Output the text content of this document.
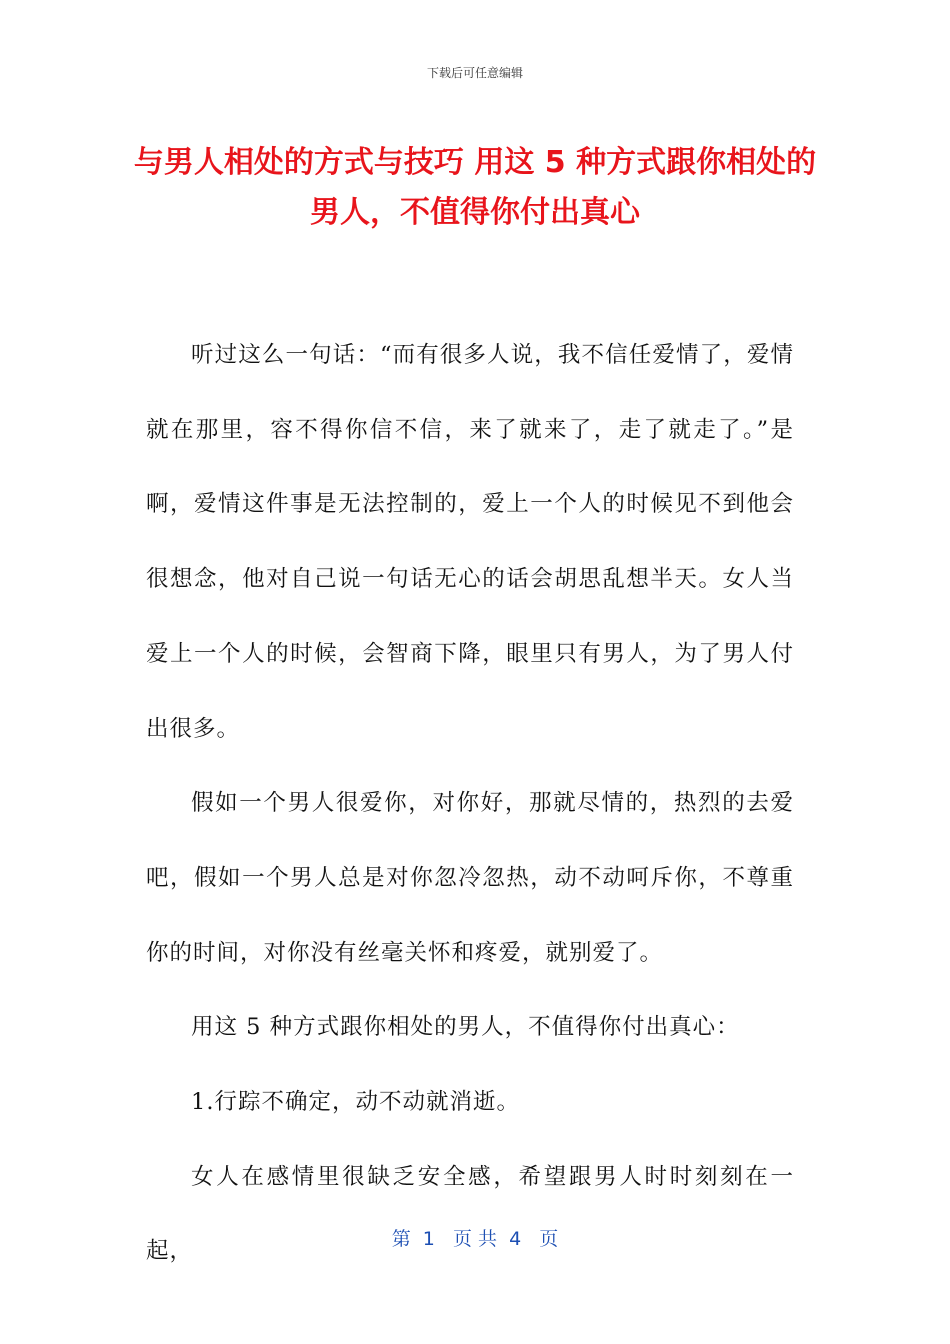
下载后可任意编辑
与男人相处的方式与技巧 用这 5 种方式跟你相处的男人，不值得你付出真心

听过这么一句话：“而有很多人说，我不信任爱情了，爱情就在那里，容不得你信不信，来了就来了，走了就走了。”是啊，爱情这件事是无法控制的，爱上一个人的时候见不到他会很想念，他对自己说一句话无心的话会胡思乱想半天。女人当爱上一个人的时候，会智商下降，眼里只有男人，为了男人付出很多。

假如一个男人很爱你，对你好，那就尽情的，热烈的去爱吧，假如一个男人总是对你忽冷忽热，动不动呵斥你，不尊重你的时间，对你没有丝毫关怀和疼爱，就别爱了。

用这 5 种方式跟你相处的男人，不值得你付出真心：

1.行踪不确定，动不动就消逝。

女人在感情里很缺乏安全感，希望跟男人时时刻刻在一起，	第  1   页 共  4   页
